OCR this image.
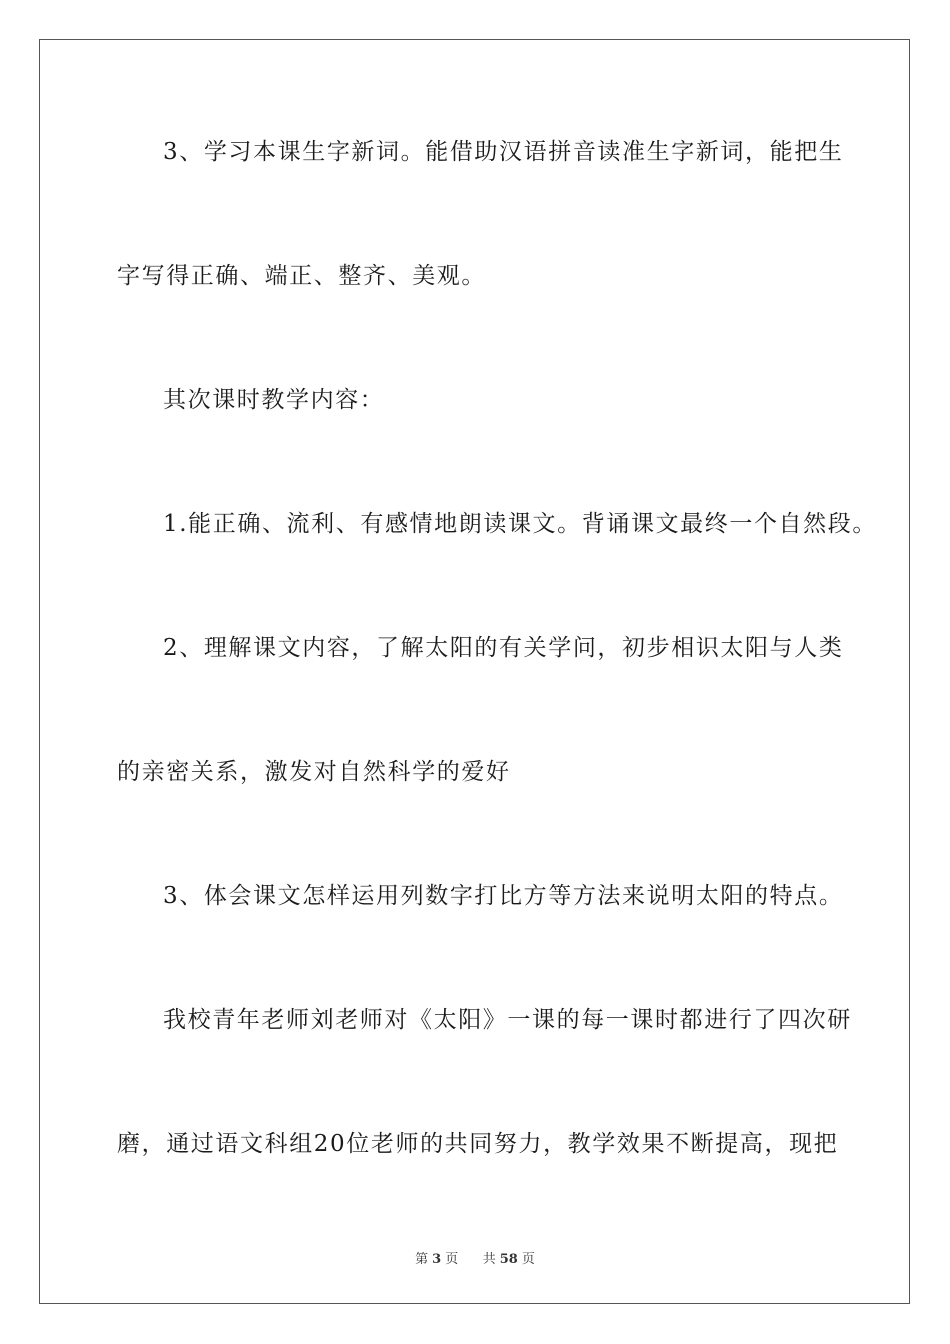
3、学习本课生字新词。能借助汉语拼音读准生字新词，能把生
字写得正确、端正、整齐、美观。
其次课时教学内容：
1.能正确、流利、有感情地朗读课文。背诵课文最终一个自然段。
2、理解课文内容，了解太阳的有关学问，初步相识太阳与人类
的亲密关系，激发对自然科学的爱好
3、体会课文怎样运用列数字打比方等方法来说明太阳的特点。
我校青年老师刘老师对《太阳》一课的每一课时都进行了四次研
磨，通过语文科组20位老师的共同努力，教学效果不断提高，现把
第 3 页 共 58 页
